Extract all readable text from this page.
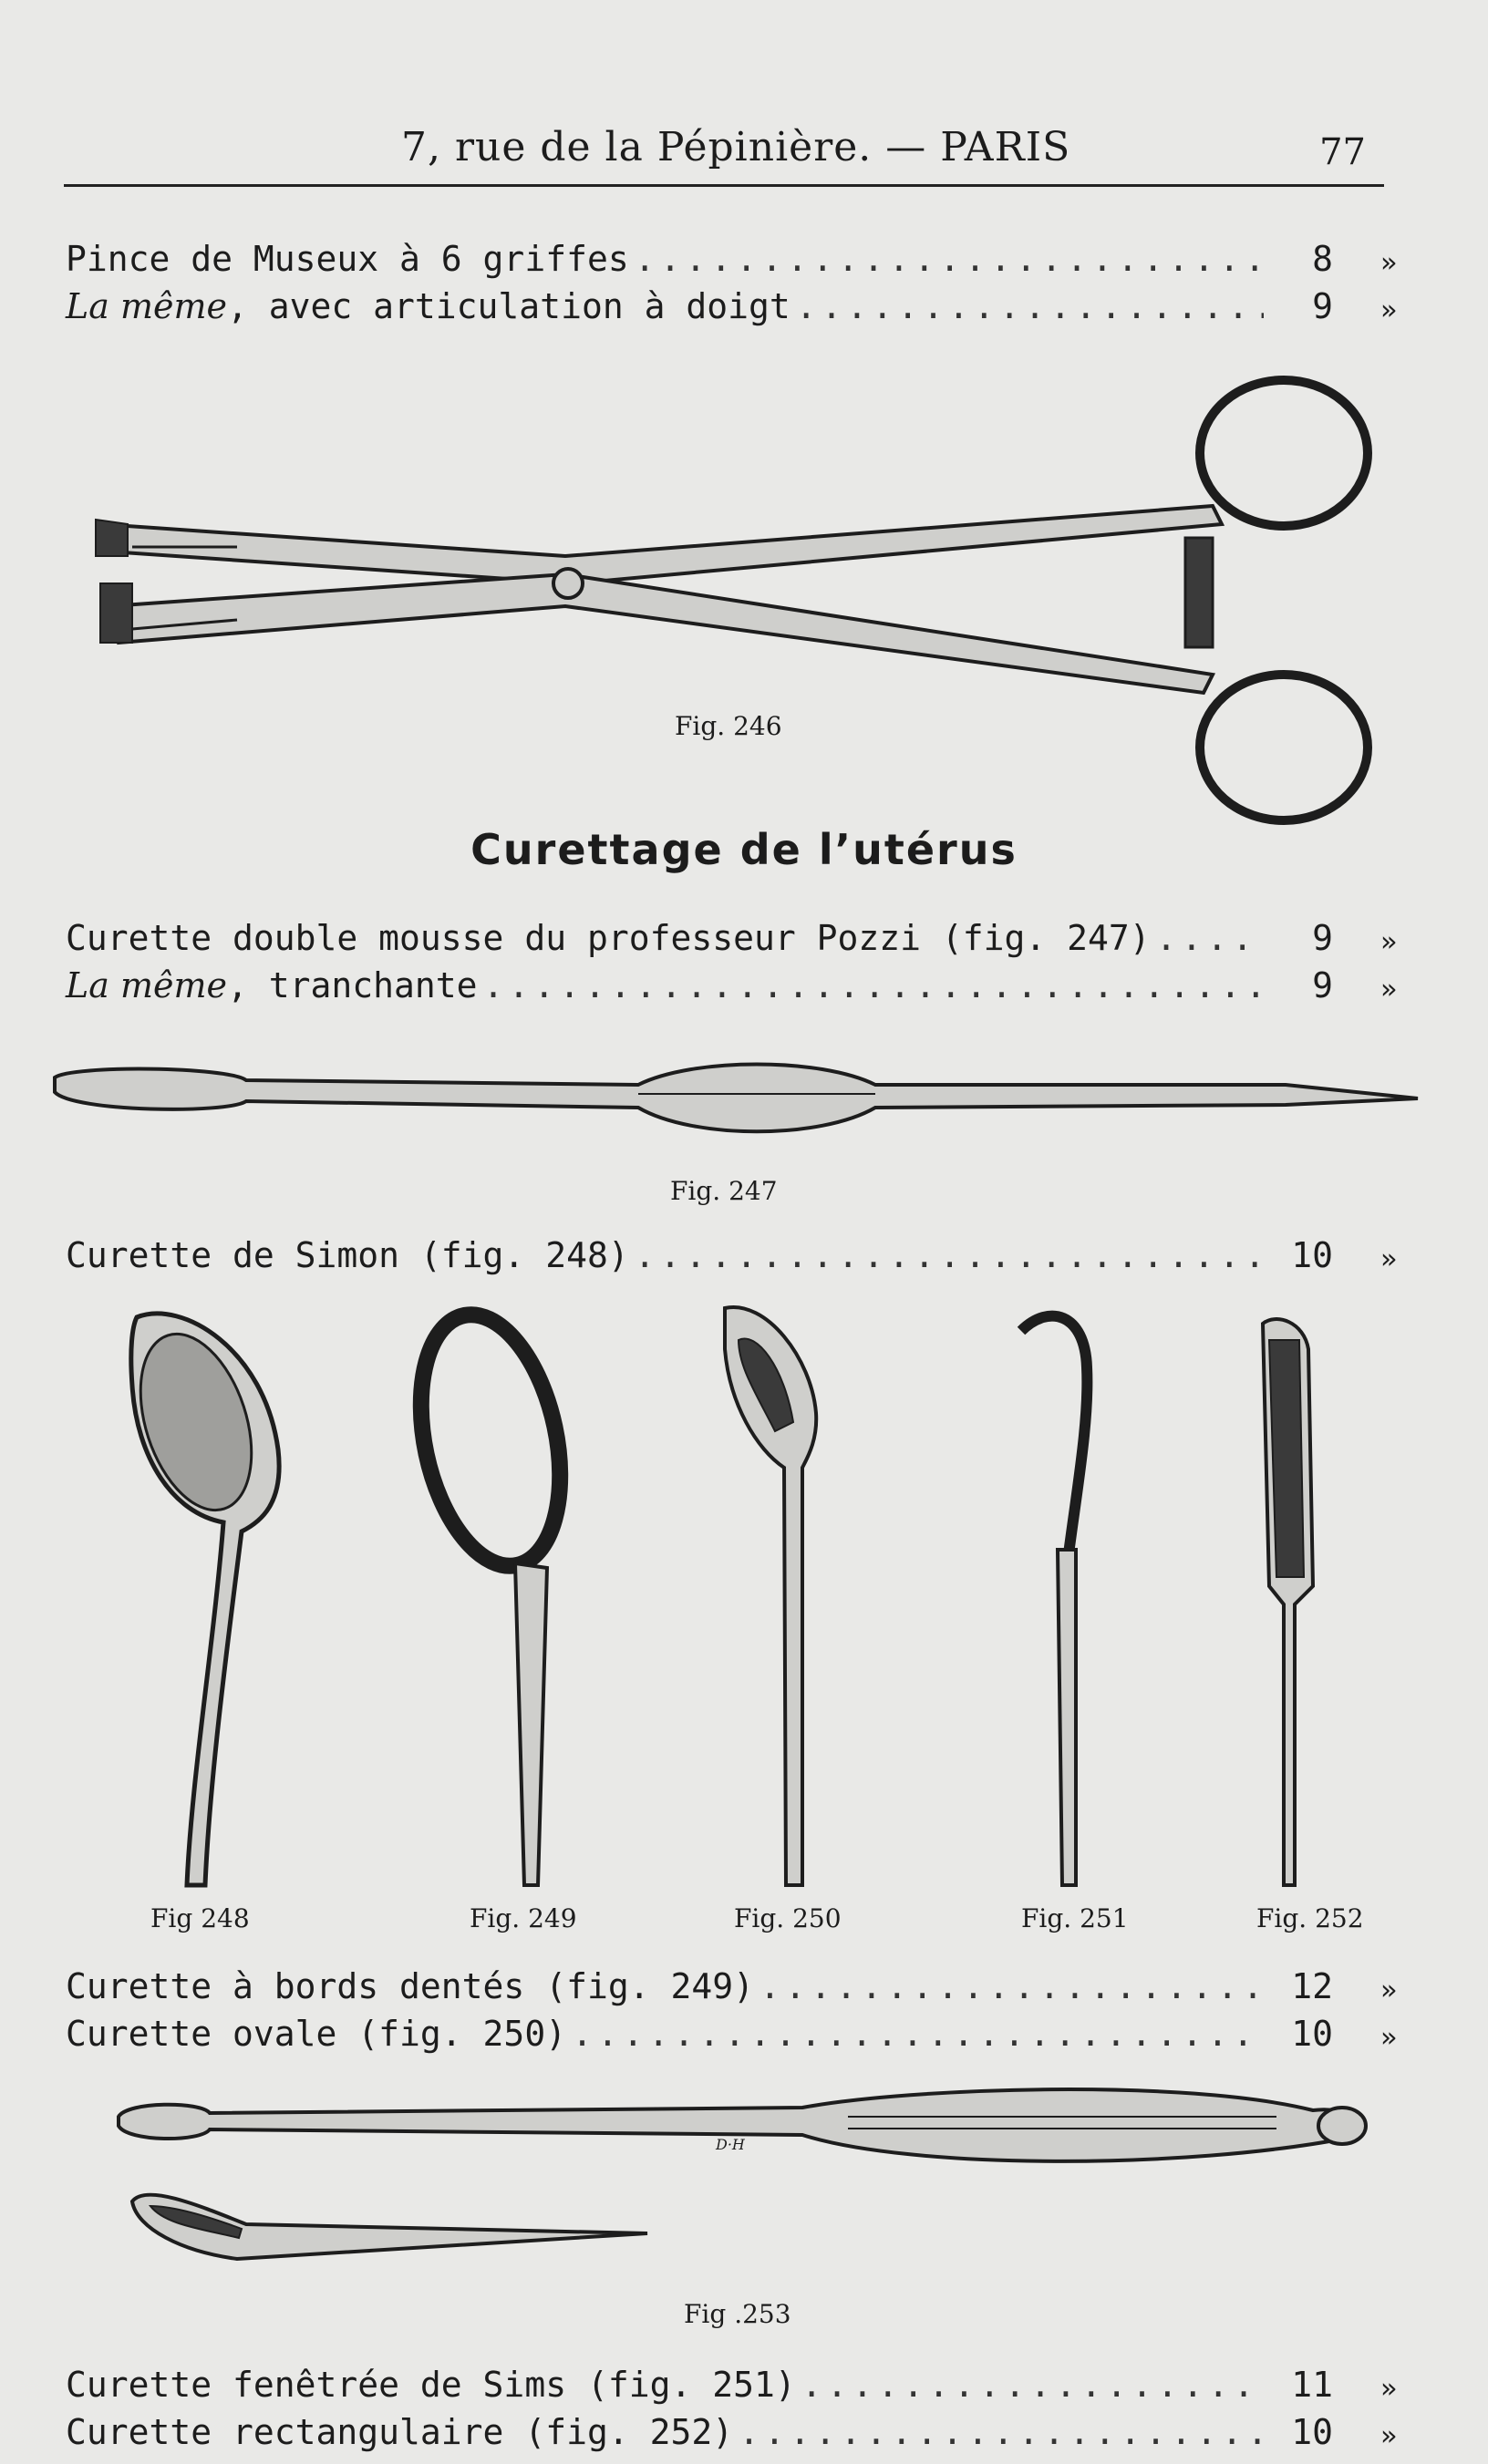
7, rue de la Pépinière. — PARIS	77
Pince de Museux à 6 griffes .....	8	»
La même, avec articulation à doigt .....	9	»
Curettage de l’utérus
Curette double mousse du professeur Pozzi (fig. 247) .....	9	»
La même, tranchante .....	9	»
Curette de Simon (fig. 248) .....	10	»
Curette à bords dentés (fig. 249) .....	12	»
Curette ovale (fig. 250) .....	10	»
Curette fenêtrée de Sims (fig. 251) .....	11	»
Curette rectangulaire (fig. 252) .....	10	»
Fig. 246
Fig. 247
Fig 248	Fig. 249	Fig. 250	Fig. 251	Fig. 252
Fig .253
D·H
